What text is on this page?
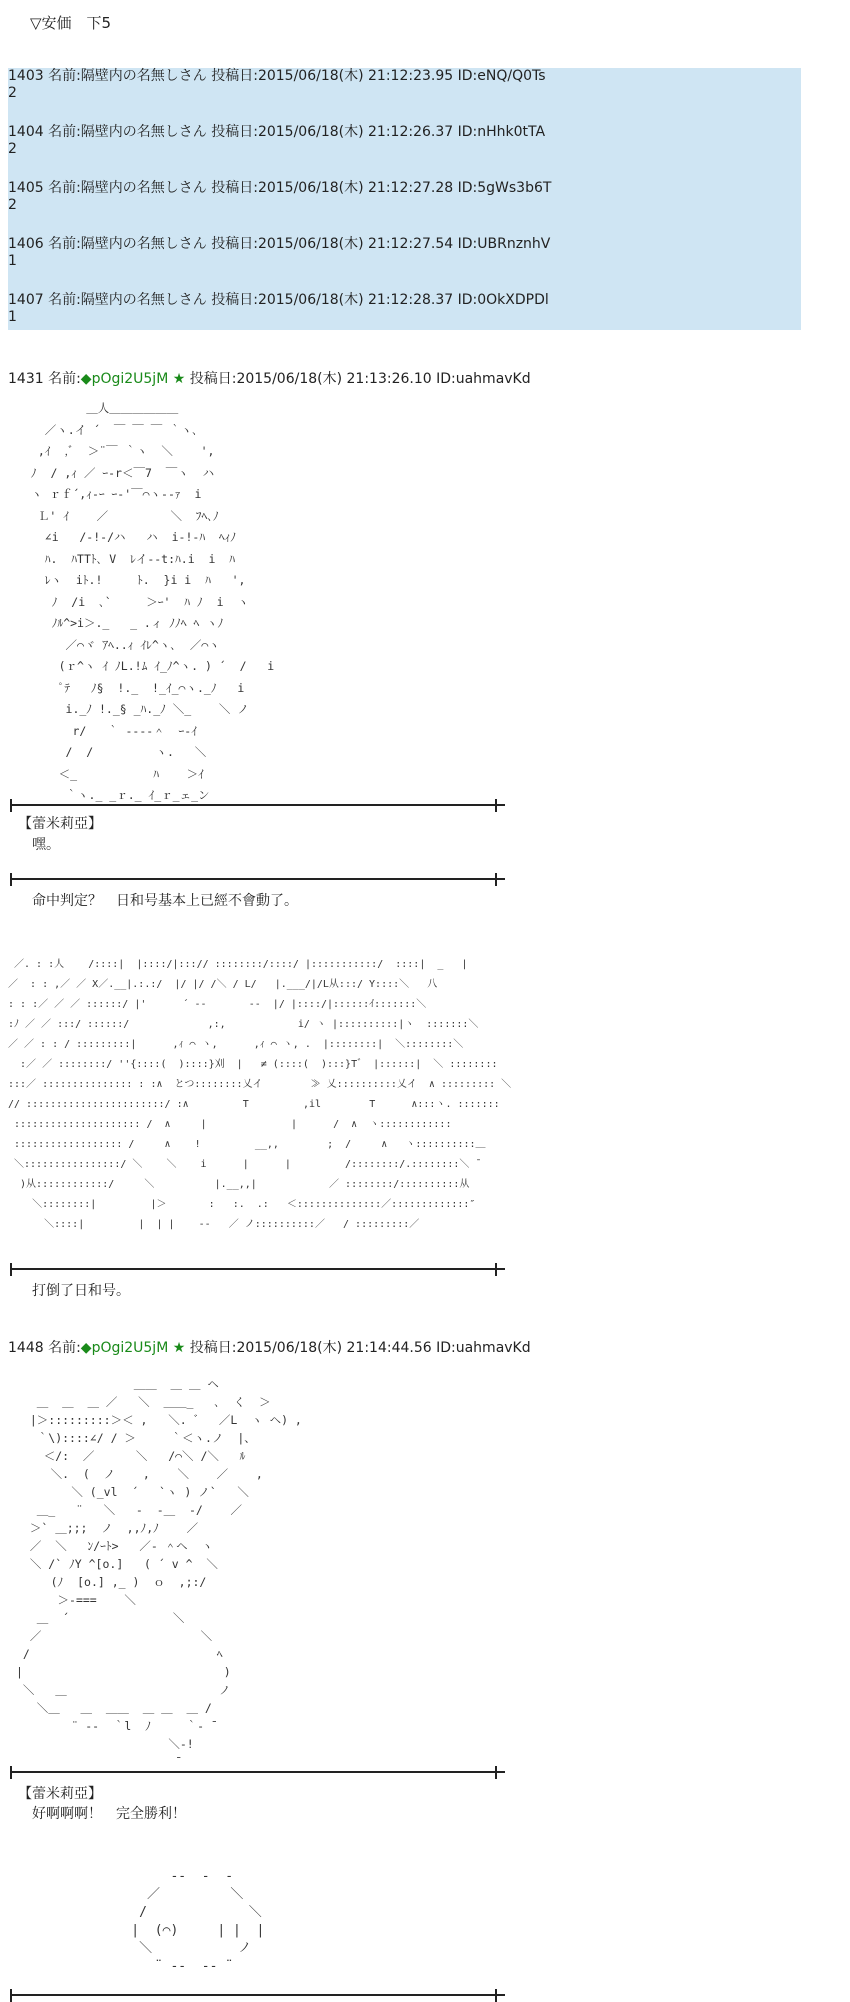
▽安価　下5
1403 名前:隔壁内の名無しさん 投稿日:2015/06/18(木) 21:12:23.95 ID:eNQ/Q0Ts
2
1404 名前:隔壁内の名無しさん 投稿日:2015/06/18(木) 21:12:26.37 ID:nHhk0tTA
2
1405 名前:隔壁内の名無しさん 投稿日:2015/06/18(木) 21:12:27.28 ID:5gWs3b6T
2
1406 名前:隔壁内の名無しさん 投稿日:2015/06/18(木) 21:12:27.54 ID:UBRnznhV
1
1407 名前:隔壁内の名無しさん 投稿日:2015/06/18(木) 21:12:28.37 ID:0OkXDPDl
1
1431 名前:◆pOgi2U5jM ★ 投稿日:2015/06/18(木) 21:13:26.10 ID:uahmavKd
＿人＿＿＿＿＿＿
／ヽ.イ ´  ￣ ￣ ￣ ｀ヽ､
,ｲ  ,ﾞ  ＞¨￣ ｀ヽ  ＼    ',
ﾉ  / ,ｨ ／ ｰ‐r＜￣7  ￣ヽ  ハ
ヽ ｒｆ´,ｨ‐ｰ ｰ‐'￣⌒ヽ‐-ｧ  i
Ｌ' ｲ    ／         ＼  ﾌﾍ､ﾉ
∠i   /-!-/ハ   ハ  i-!-ﾊ  ﾍｨﾉ
ﾊ.  ﾊTTﾄ､ V  ﾚイ‐‐t:ﾊ.i  i  ﾊ
ﾚヽ  iﾄ.!     ﾄ.  }i i  ﾊ   ',
ﾉ  /i  ､`     ＞ｰ'  ﾊ ﾉ  i  ヽ
ﾉﾙ^>i＞._   _ .ィ ﾉﾉﾍ ﾍ ヽﾉ
／⌒ヾ ｱﾍ..ｨ ｲﾚ^ヽ､  ／⌒ヽ
(ｒ^ヽ ｲ ﾉL.!ﾑ ｲ_ﾉ^ヽ. ) ´  /   i
ﾟﾃ   ﾉ§  !._  !_ｲ_⌒ヽ._ﾉ   i
i._ﾉ !._§ _ﾊ._ﾉ ＼_    ＼ ノ
r/   ｀ ‐--‐＾  ｰ‐ｲ
/  /         ヽ.   ＼
＜_           ﾊ    ＞ｲ
｀ヽ._ _ｒ._ ｲ_ｒ_ェ_ン
【蕾米莉亞】
嘿。
命中判定？　日和号基本上已經不會動了。
／. : :人    /::::|  |::::/|:::// ::::::::/::::/ |:::::::::::/  ::::|  _   |
／  : : ,／ ／ X／.__|.:.:/  |/ |/ /＼ / L/   |.___/|/L从:::/ Y::::＼   八
: : :／ ／ ／ ::::::/ |'      ´ ‐‐       ‐‐  |/ |::::/|::::::ｲ:::::::＼
:ﾉ ／ ／ :::/ ::::::/             ,:,            i/ ヽ |::::::::::|ヽ  :::::::＼
／ ／ : : / :::::::::|      ,ｨ ⌒ ヽ,      ,ｨ ⌒ ヽ, .  |::::::::|  ＼::::::::＼
:／ ／ ::::::::/ ''{::::(  )::::}刈  |   ≠ (::::(  ):::}T゛ |::::::|  ＼ ::::::::
:::／ ::::::::::::::: : :∧  とつ::::::::乂イ        ≫ 乂::::::::::乂イ  ∧ ::::::::: ＼
// :::::::::::::::::::::::/ :∧         T         ,il        T      ∧:::ヽ. :::::::
::::::::::::::::::::: /  ∧     |              |      /  ∧  ヽ::::::::::::
:::::::::::::::::: /     ∧    !         __,,        ;  /     ∧   ヽ::::::::::＿
＼::::::::::::::::/ ＼    ＼    i      |      |         /::::::::/.::::::::＼ ̄
)从::::::::::::/     ＼          |.__,,|            ／ ::::::::/::::::::::从
＼::::::::|         |＞       :   :.  .:   ＜::::::::::::::／:::::::::::::″
＼::::|         |  | |    ‐‐   ／ ノ::::::::::／   / :::::::::／
打倒了日和号。
1448 名前:◆pOgi2U5jM ★ 投稿日:2015/06/18(木) 21:14:44.56 ID:uahmavKd
＿＿  ＿ ＿ ヘ
＿  ＿  ＿ ／   ＼  ＿＿_   ､  く  ＞
|＞:::::::::＞＜ ,   ＼. ゛  ／L  ヽ ヘ) ,
｀\)::::∠/ / ＞     ｀＜ヽ.ノ  |、
＜/:  ／      ＼   /⌒＼ /＼   ﾙ
＼.  (  ノ    ,    ＼    ／    ,
＼ (_vl  ´   `ヽ ) ノ`   ＼
＿_   ¨   ＼   ‐  ‐＿  ‐/    ／
＞` ＿;;;  ノ  ,,ﾉ,ﾉ    ／
／  ＼   ﾝ/ｰﾄ>   ／‐ ＾ヘ  ヽ
＼ /` ﾉY ^[o.]   ( ´ v ^  ＼
(ﾉ  [o.] ,_ )  ｏ  ,;:/
＞-===    ＼
＿  ´               ＼
／                       ＼
/                           ﾍ
|                             )
＼   ＿                      ノ
＼＿   ＿  ＿＿  ＿ ＿  ＿ /
¨ ‐‐  ｀l  ﾉ     ｀‐ ¯
＼-!
¯
【蕾米莉亞】
好啊啊啊！　完全勝利！
‐‐  ‐  ‐
／         ＼
/             ＼
|  (⌒)     | |  |
＼           ノ
¨ ‐‐  ‐‐ ¨
